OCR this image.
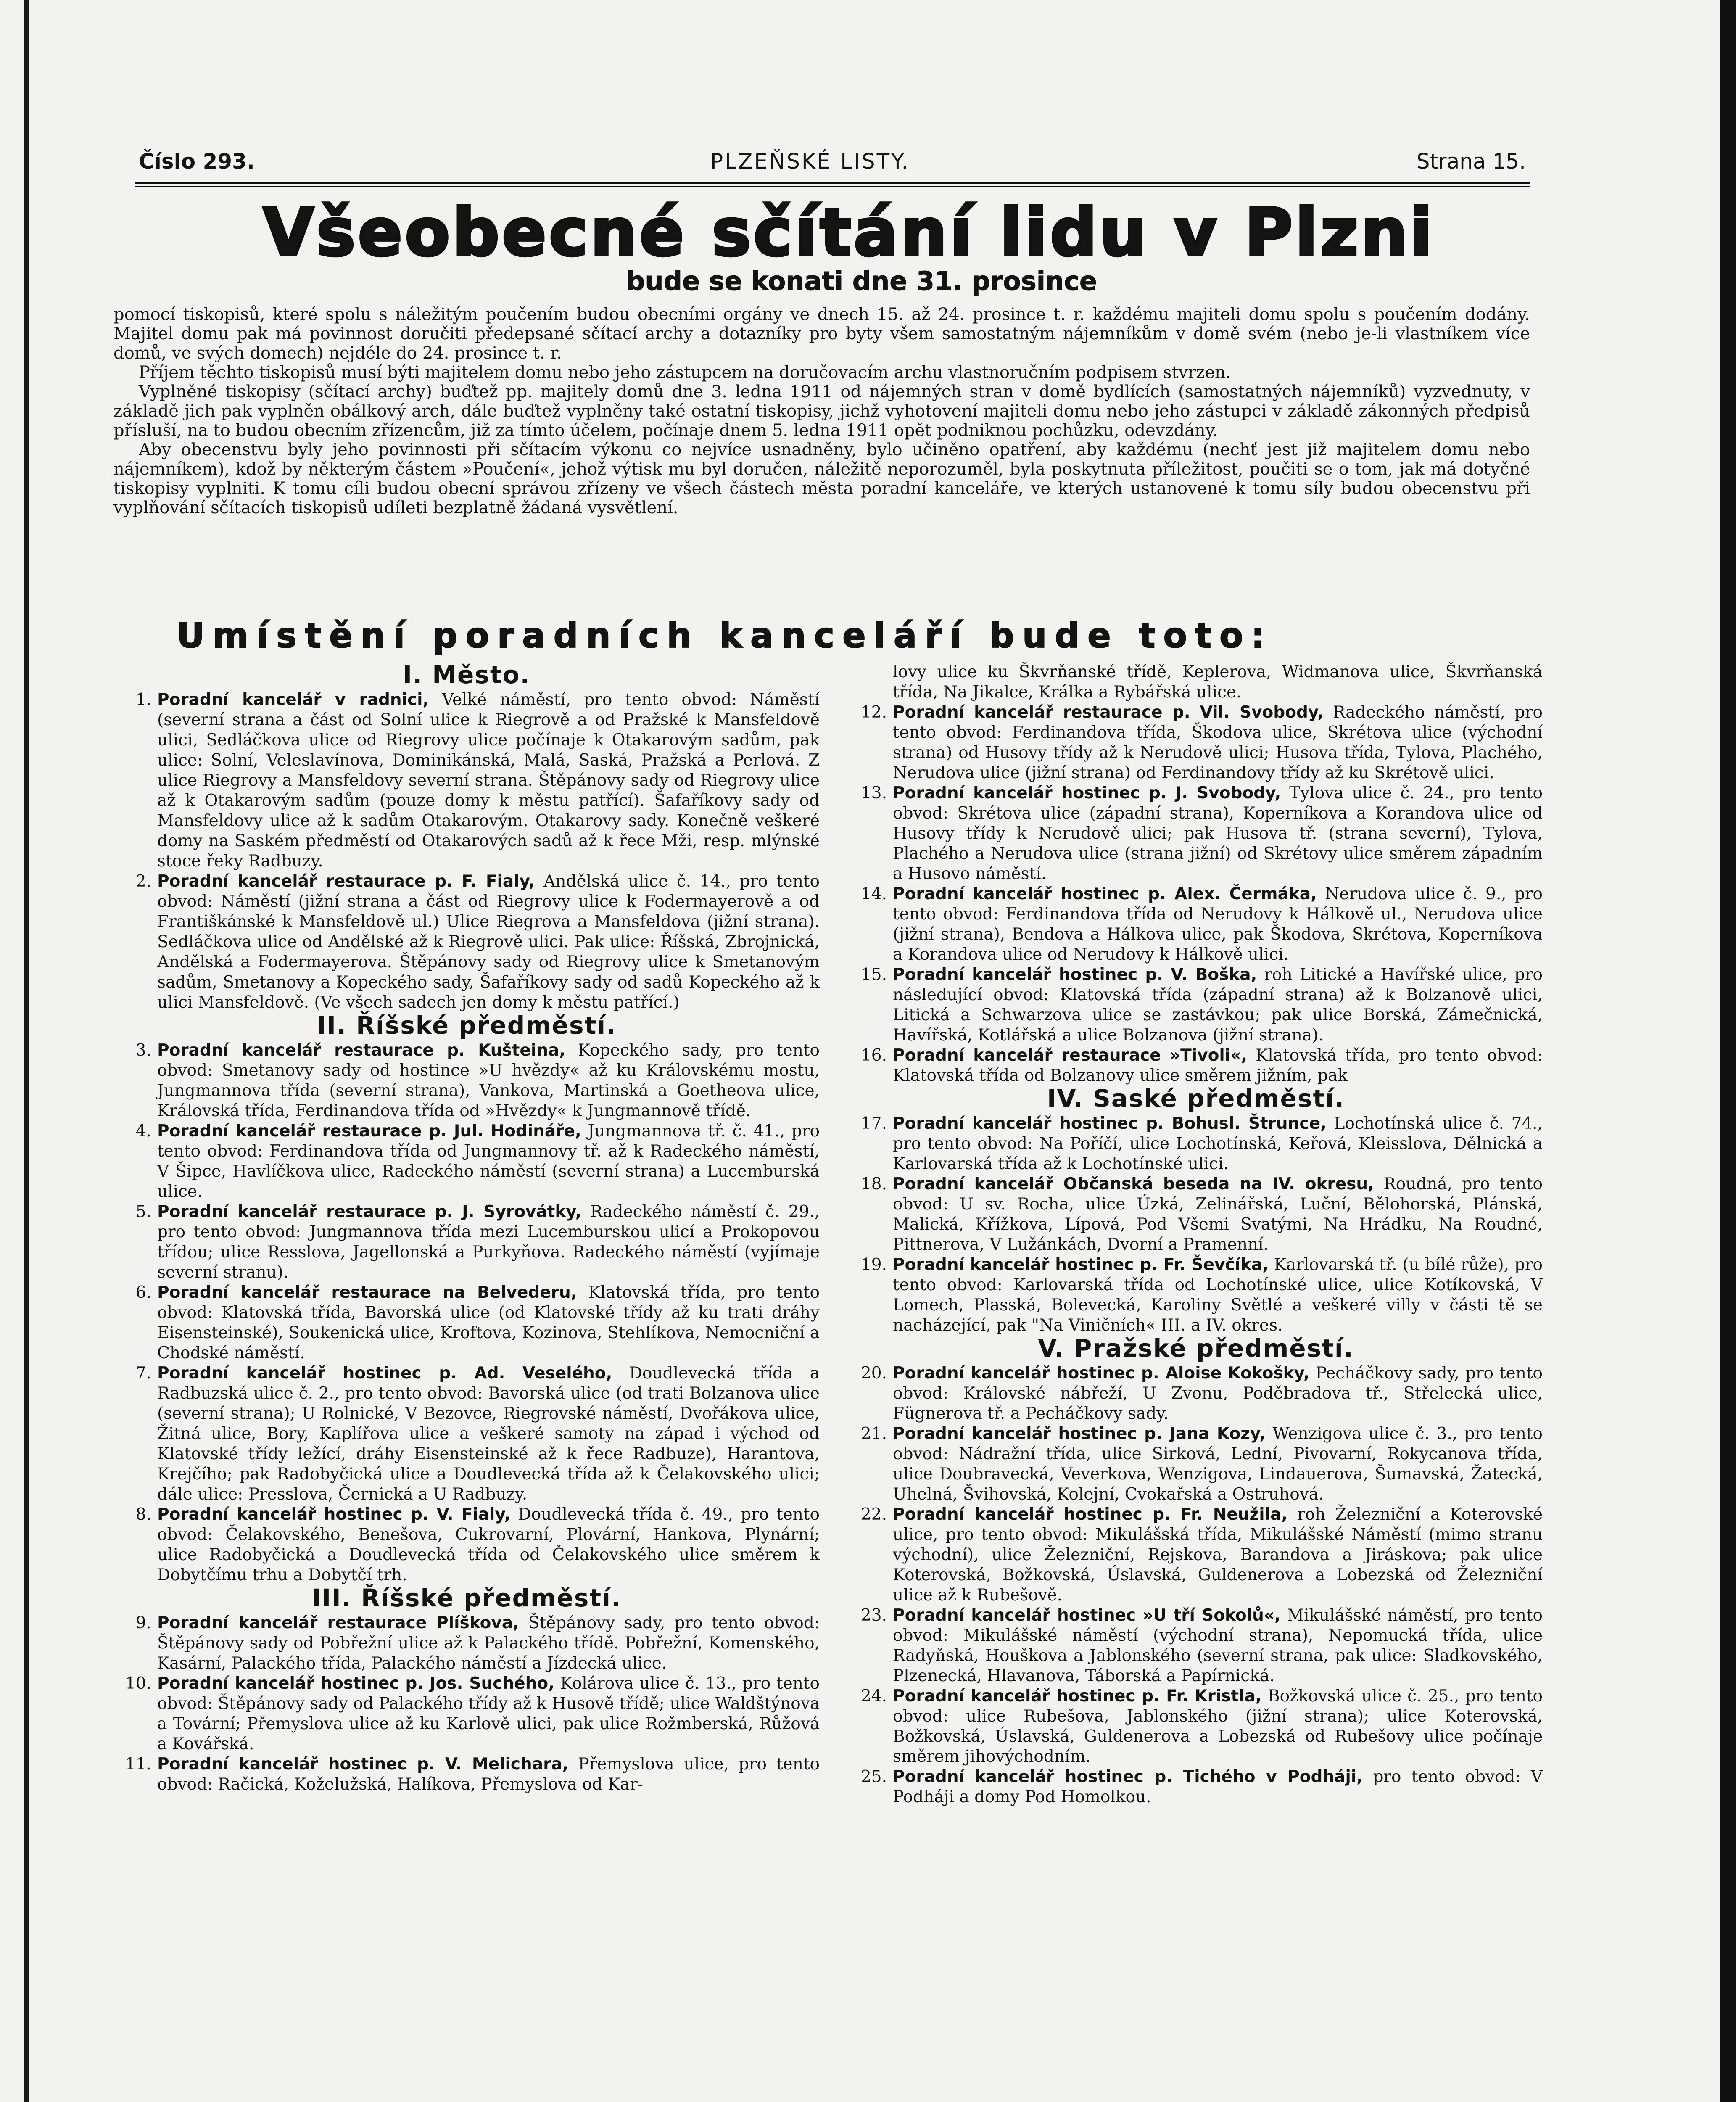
Číslo 293.	PLZEŇSKÉ LISTY.	Strana 15.
Všeobecné sčítání lidu v Plzni
bude se konati dne 31. prosince

pomocí tiskopisů, které spolu s náležitým poučením budou obecními orgány ve dnech 15. až 24. prosince t. r. každému majiteli domu spolu s poučením dodány. Majitel domu pak má povinnost doručiti předepsané sčítací archy a dotazníky pro byty všem samostatným nájemníkům v domě svém (nebo je-li vlastníkem více domů, ve svých domech) nejdéle do 24. prosince t. r.

Příjem těchto tiskopisů musí býti majitelem domu nebo jeho zástupcem na doručovacím archu vlastnoručním podpisem stvrzen.

Vyplněné tiskopisy (sčítací archy) buďtež pp. majitely domů dne 3. ledna 1911 od nájemných stran v domě bydlících (samostatných nájemníků) vyzvednuty, v základě jich pak vyplněn obálkový arch, dále buďtež vyplněny také ostatní tiskopisy, jichž vyhotovení majiteli domu nebo jeho zástupci v základě zákonných předpisů přísluší, na to budou obecním zřízencům, již za tímto účelem, počínaje dnem 5. ledna 1911 opět podniknou pochůzku, odevzdány.

Aby obecenstvu byly jeho povinnosti při sčítacím výkonu co nejvíce usnadněny, bylo učiněno opatření, aby každému (nechť jest již majitelem domu nebo nájemníkem), kdož by některým částem »Poučení«, jehož výtisk mu byl doručen, náležitě neporozuměl, byla poskytnuta příležitost, poučiti se o tom, jak má dotyčné tiskopisy vyplniti. K tomu cíli budou obecní správou zřízeny ve všech částech města poradní kanceláře, ve kterých ustanovené k tomu síly budou obecenstvu při vyplňování sčítacích tiskopisů udíleti bezplatně žádaná vysvětlení.

Umístění poradních kanceláří bude toto:
I. Město.
1. Poradní kancelář v radnici, Velké náměstí, pro tento obvod: Náměstí (severní strana a část od Solní ulice k Riegrově a od Pražské k Mansfeldově ulici, Sedláčkova ulice od Riegrovy ulice počínaje k Otakarovým sadům, pak ulice: Solní, Veleslavínova, Dominikánská, Malá, Saská, Pražská a Perlová. Z ulice Riegrovy a Mansfeldovy severní strana. Štěpánovy sady od Riegrovy ulice až k Otakarovým sadům (pouze domy k městu patřící). Šafaříkovy sady od Mansfeldovy ulice až k sadům Otakarovým. Otakarovy sady. Konečně veškeré domy na Saském předměstí od Otakarových sadů až k řece Mži, resp. mlýnské stoce řeky Radbuzy.
2. Poradní kancelář restaurace p. F. Fialy, Andělská ulice č. 14., pro tento obvod: Náměstí (jižní strana a část od Riegrovy ulice k Fodermayerově a od Františkánské k Mansfeldově ul.) Ulice Riegrova a Mansfeldova (jižní strana). Sedláčkova ulice od Andělské až k Riegrově ulici. Pak ulice: Říšská, Zbrojnická, Andělská a Fodermayerova. Štěpánovy sady od Riegrovy ulice k Smetanovým sadům, Smetanovy a Kopeckého sady, Šafaříkovy sady od sadů Kopeckého až k ulici Mansfeldově. (Ve všech sadech jen domy k městu patřící.)
II. Říšské předměstí.
3. Poradní kancelář restaurace p. Kušteina, Kopeckého sady, pro tento obvod: Smetanovy sady od hostince »U hvězdy« až ku Královskému mostu, Jungmannova třída (severní strana), Vankova, Martinská a Goetheova ulice, Královská třída, Ferdinandova třída od »Hvězdy« k Jungmannově třídě.
4. Poradní kancelář restaurace p. Jul. Hodináře, Jungmannova tř. č. 41., pro tento obvod: Ferdinandova třída od Jungmannovy tř. až k Radeckého náměstí, V Šipce, Havlíčkova ulice, Radeckého náměstí (severní strana) a Lucemburská ulice.
5. Poradní kancelář restaurace p. J. Syrovátky, Radeckého náměstí č. 29., pro tento obvod: Jungmannova třída mezi Lucemburskou ulicí a Prokopovou třídou; ulice Resslova, Jagellonská a Purkyňova. Radeckého náměstí (vyjímaje severní stranu).
6. Poradní kancelář restaurace na Belvederu, Klatovská třída, pro tento obvod: Klatovská třída, Bavorská ulice (od Klatovské třídy až ku trati dráhy Eisensteinské), Soukenická ulice, Kroftova, Kozinova, Stehlíkova, Nemocniční a Chodské náměstí.
7. Poradní kancelář hostinec p. Ad. Veselého, Doudlevecká třída a Radbuzská ulice č. 2., pro tento obvod: Bavorská ulice (od trati Bolzanova ulice (severní strana); U Rolnické, V Bezovce, Riegrovské náměstí, Dvořákova ulice, Žitná ulice, Bory, Kaplířova ulice a veškeré samoty na západ i východ od Klatovské třídy ležící, dráhy Eisensteinské až k řece Radbuze), Harantova, Krejčího; pak Radobyčická ulice a Doudlevecká třída až k Čelakovského ulici; dále ulice: Presslova, Černická a U Radbuzy.
8. Poradní kancelář hostinec p. V. Fialy, Doudlevecká třída č. 49., pro tento obvod: Čelakovského, Benešova, Cukrovarní, Plovární, Hankova, Plynární; ulice Radobyčická a Doudlevecká třída od Čelakovského ulice směrem k Dobytčímu trhu a Dobytčí trh.
III. Říšské předměstí.
9. Poradní kancelář restaurace Plíškova, Štěpánovy sady, pro tento obvod: Štěpánovy sady od Pobřežní ulice až k Palackého třídě. Pobřežní, Komenského, Kasární, Palackého třída, Palackého náměstí a Jízdecká ulice.
10. Poradní kancelář hostinec p. Jos. Suchého, Kolárova ulice č. 13., pro tento obvod: Štěpánovy sady od Palackého třídy až k Husově třídě; ulice Waldštýnova a Tovární; Přemyslova ulice až ku Karlově ulici, pak ulice Rožmberská, Růžová a Kovářská.
11. Poradní kancelář hostinec p. V. Melichara, Přemyslova ulice, pro tento obvod: Račická, Koželužská, Halíkova, Přemyslova od Kar-

lovy ulice ku Škvrňanské třídě, Keplerova, Widmanova ulice, Škvrňanská třída, Na Jikalce, Králka a Rybářská ulice.

12. Poradní kancelář restaurace p. Vil. Svobody, Radeckého náměstí, pro tento obvod: Ferdinandova třída, Škodova ulice, Skrétova ulice (východní strana) od Husovy třídy až k Nerudově ulici; Husova třída, Tylova, Plachého, Nerudova ulice (jižní strana) od Ferdinandovy třídy až ku Skrétově ulici.
13. Poradní kancelář hostinec p. J. Svobody, Tylova ulice č. 24., pro tento obvod: Skrétova ulice (západní strana), Koperníkova a Korandova ulice od Husovy třídy k Nerudově ulici; pak Husova tř. (strana severní), Tylova, Plachého a Nerudova ulice (strana jižní) od Skrétovy ulice směrem západním a Husovo náměstí.
14. Poradní kancelář hostinec p. Alex. Čermáka, Nerudova ulice č. 9., pro tento obvod: Ferdinandova třída od Nerudovy k Hálkově ul., Nerudova ulice (jižní strana), Bendova a Hálkova ulice, pak Škodova, Skrétova, Koperníkova a Korandova ulice od Nerudovy k Hálkově ulici.
15. Poradní kancelář hostinec p. V. Boška, roh Litické a Havířské ulice, pro následující obvod: Klatovská třída (západní strana) až k Bolzanově ulici, Litická a Schwarzova ulice se zastávkou; pak ulice Borská, Zámečnická, Havířská, Kotlářská a ulice Bolzanova (jižní strana).
16. Poradní kancelář restaurace »Tivoli«, Klatovská třída, pro tento obvod: Klatovská třída od Bolzanovy ulice směrem jižním, pak
IV. Saské předměstí.
17. Poradní kancelář hostinec p. Bohusl. Štrunce, Lochotínská ulice č. 74., pro tento obvod: Na Poříčí, ulice Lochotínská, Keřová, Kleisslova, Dělnická a Karlovarská třída až k Lochotínské ulici.
18. Poradní kancelář Občanská beseda na IV. okresu, Roudná, pro tento obvod: U sv. Rocha, ulice Úzká, Zelinářská, Luční, Bělohorská, Plánská, Malická, Křížkova, Lípová, Pod Všemi Svatými, Na Hrádku, Na Roudné, Pittnerova, V Lužánkách, Dvorní a Pramenní.
19. Poradní kancelář hostinec p. Fr. Ševčíka, Karlovarská tř. (u bílé růže), pro tento obvod: Karlovarská třída od Lochotínské ulice, ulice Kotíkovská, V Lomech, Plasská, Bolevecká, Karoliny Světlé a veškeré villy v části tě se nacházející, pak "Na Viničních« III. a IV. okres.
V. Pražské předměstí.
20. Poradní kancelář hostinec p. Aloise Kokošky, Pecháčkovy sady, pro tento obvod: Královské nábřeží, U Zvonu, Poděbradova tř., Střelecká ulice, Fügnerova tř. a Pecháčkovy sady.
21. Poradní kancelář hostinec p. Jana Kozy, Wenzigova ulice č. 3., pro tento obvod: Nádražní třída, ulice Sirková, Lední, Pivovarní, Rokycanova třída, ulice Doubravecká, Veverkova, Wenzigova, Lindauerova, Šumavská, Žatecká, Uhelná, Švihovská, Kolejní, Cvokařská a Ostruhová.
22. Poradní kancelář hostinec p. Fr. Neužila, roh Železniční a Koterovské ulice, pro tento obvod: Mikulášská třída, Mikulášské Náměstí (mimo stranu východní), ulice Železniční, Rejskova, Barandova a Jiráskova; pak ulice Koterovská, Božkovská, Úslavská, Guldenerova a Lobezská od Železniční ulice až k Rubešově.
23. Poradní kancelář hostinec »U tří Sokolů«, Mikulášské náměstí, pro tento obvod: Mikulášské náměstí (východní strana), Nepomucká třída, ulice Radyňská, Houškova a Jablonského (severní strana, pak ulice: Sladkovského, Plzenecká, Hlavanova, Táborská a Papírnická.
24. Poradní kancelář hostinec p. Fr. Kristla, Božkovská ulice č. 25., pro tento obvod: ulice Rubešova, Jablonského (jižní strana); ulice Koterovská, Božkovská, Úslavská, Guldenerova a Lobezská od Rubešovy ulice počínaje směrem jihovýchodním.
25. Poradní kancelář hostinec p. Tichého v Podháji, pro tento obvod: V Podháji a domy Pod Homolkou.
